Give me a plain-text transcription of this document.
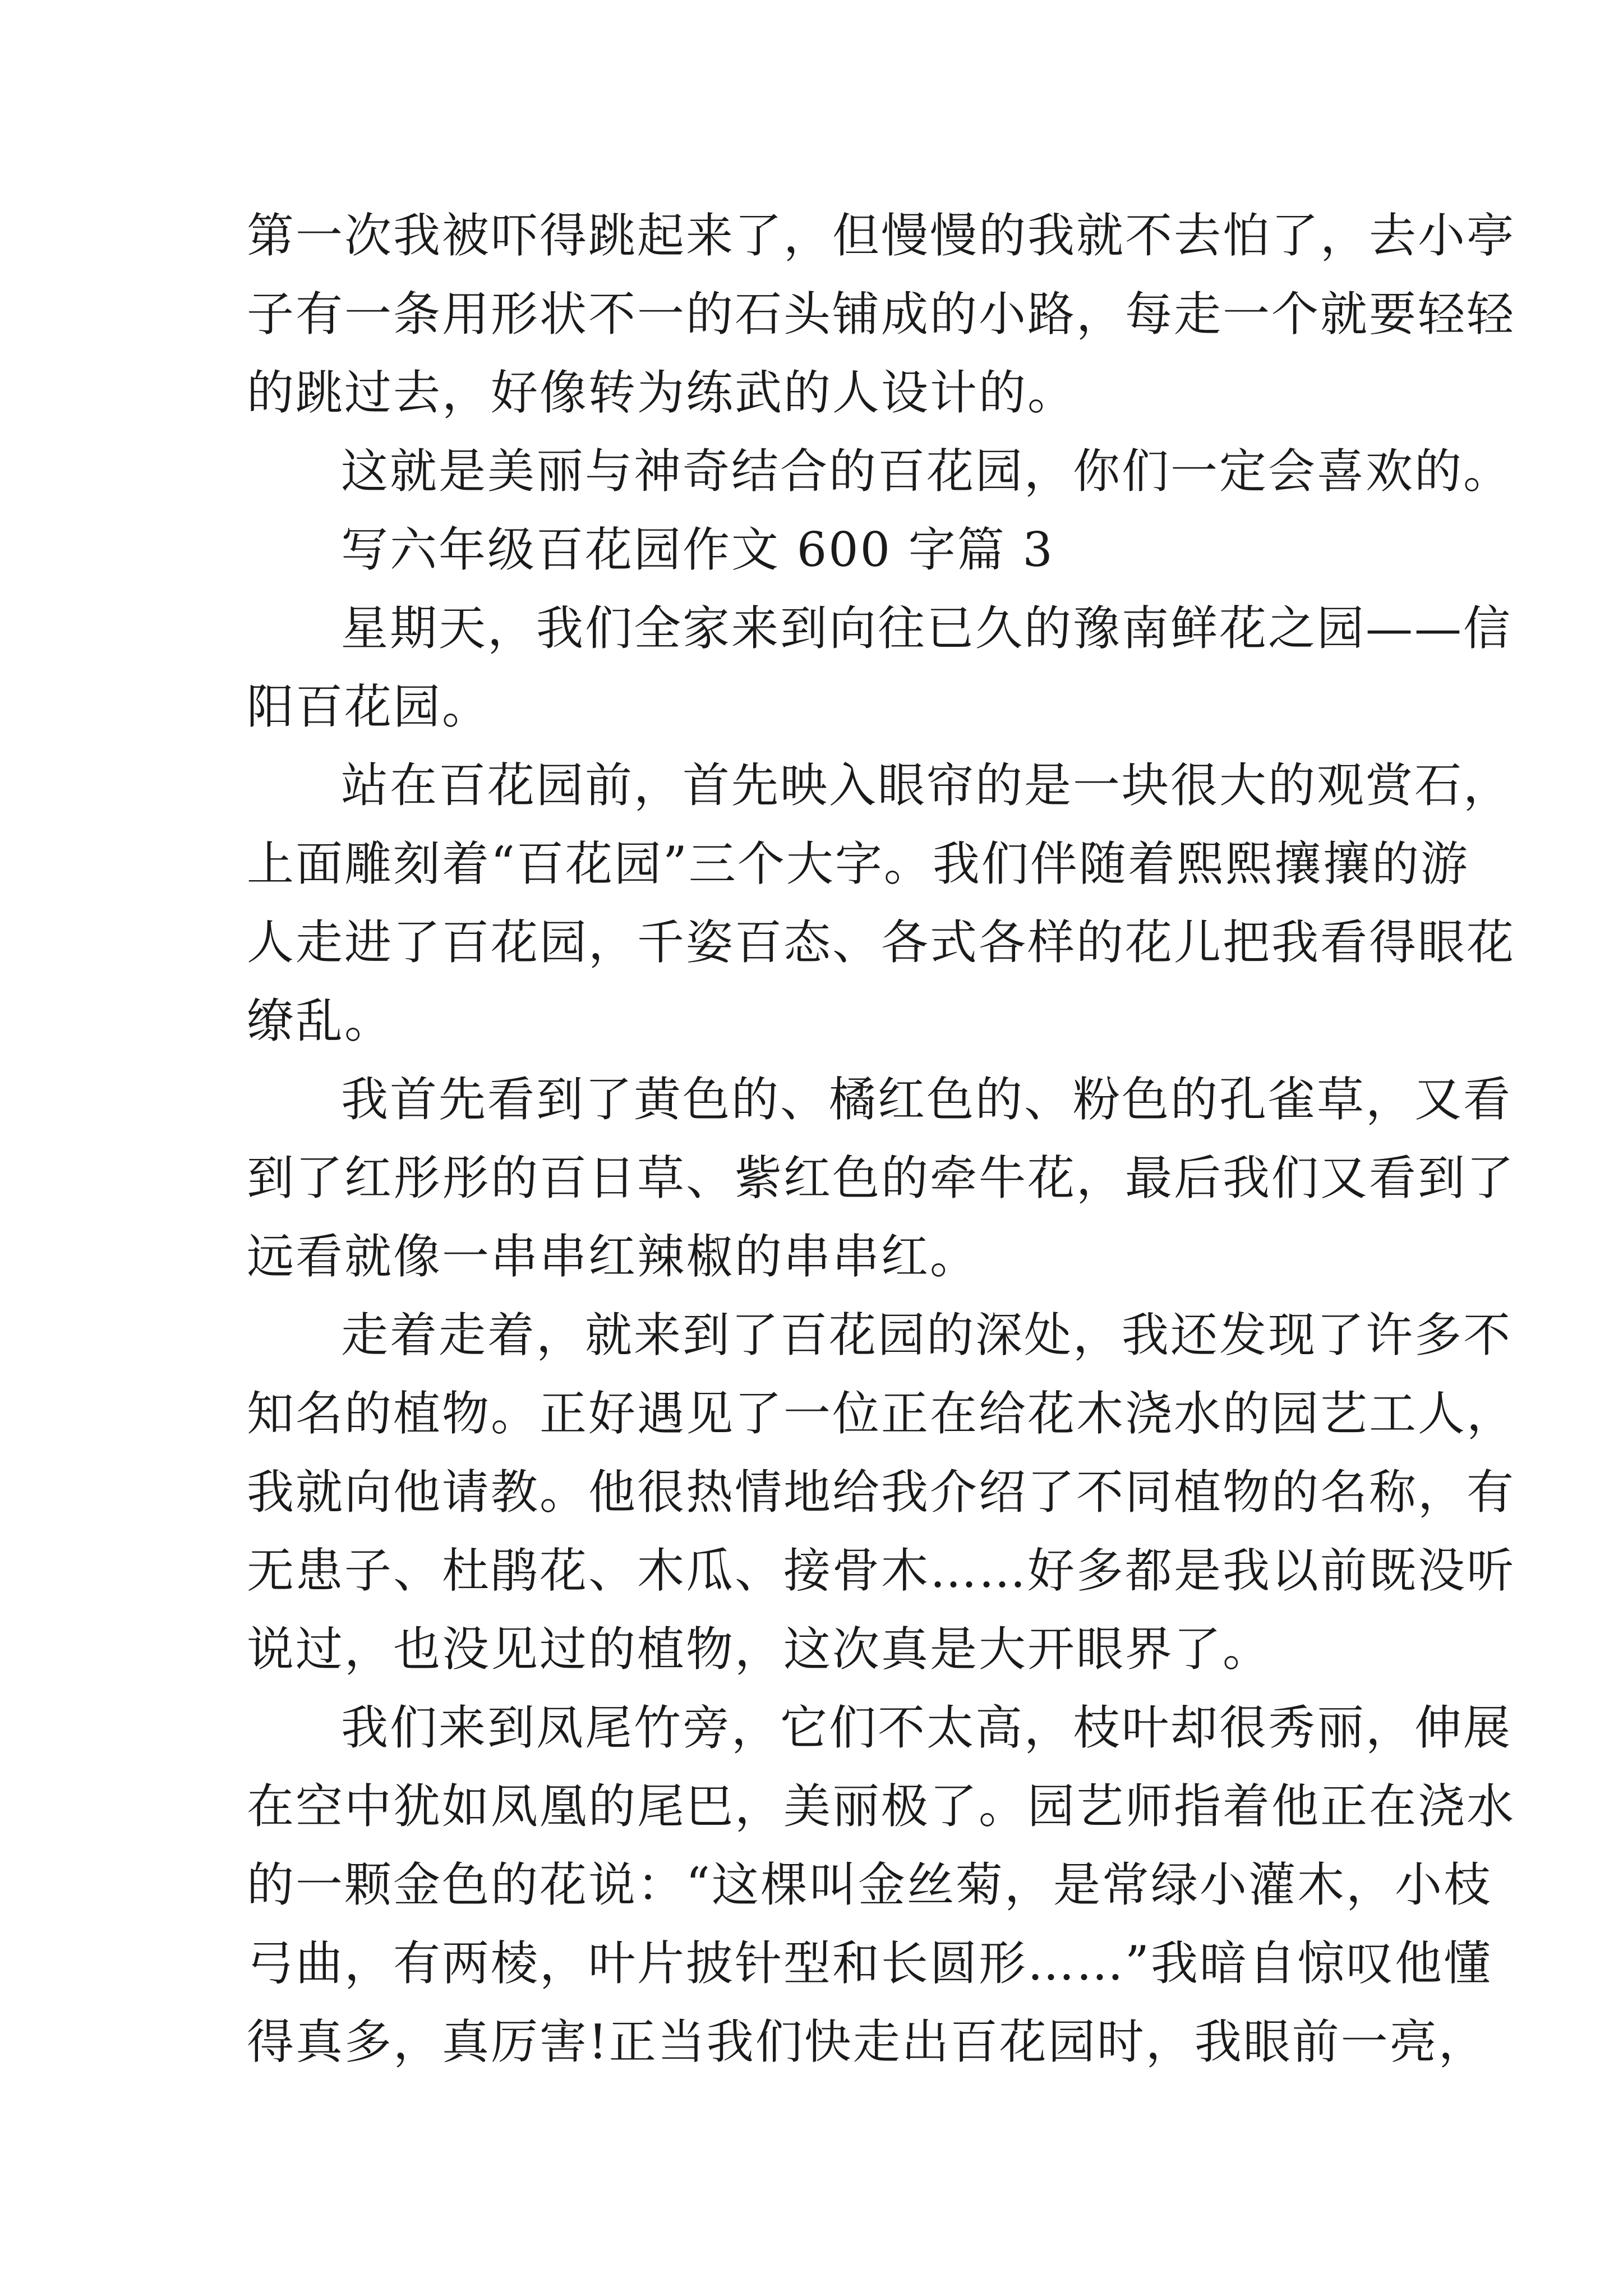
第一次我被吓得跳起来了，但慢慢的我就不去怕了，去小亭
子有一条用形状不一的石头铺成的小路，每走一个就要轻轻
的跳过去，好像转为练武的人设计的。
这就是美丽与神奇结合的百花园，你们一定会喜欢的。
写六年级百花园作文 600 字篇 3
星期天，我们全家来到向往已久的豫南鲜花之园——信
阳百花园。
站在百花园前，首先映入眼帘的是一块很大的观赏石，
上面雕刻着“百花园”三个大字。我们伴随着熙熙攘攘的游
人走进了百花园，千姿百态、各式各样的花儿把我看得眼花
缭乱。
我首先看到了黄色的、橘红色的、粉色的孔雀草，又看
到了红彤彤的百日草、紫红色的牵牛花，最后我们又看到了
远看就像一串串红辣椒的串串红。
走着走着，就来到了百花园的深处，我还发现了许多不
知名的植物。正好遇见了一位正在给花木浇水的园艺工人，
我就向他请教。他很热情地给我介绍了不同植物的名称，有
无患子、杜鹃花、木瓜、接骨木……好多都是我以前既没听
说过，也没见过的植物，这次真是大开眼界了。
我们来到凤尾竹旁，它们不太高，枝叶却很秀丽，伸展
在空中犹如凤凰的尾巴，美丽极了。园艺师指着他正在浇水
的一颗金色的花说：“这棵叫金丝菊，是常绿小灌木，小枝
弓曲，有两棱，叶片披针型和长圆形……”我暗自惊叹他懂
得真多，真厉害!正当我们快走出百花园时，我眼前一亮，
